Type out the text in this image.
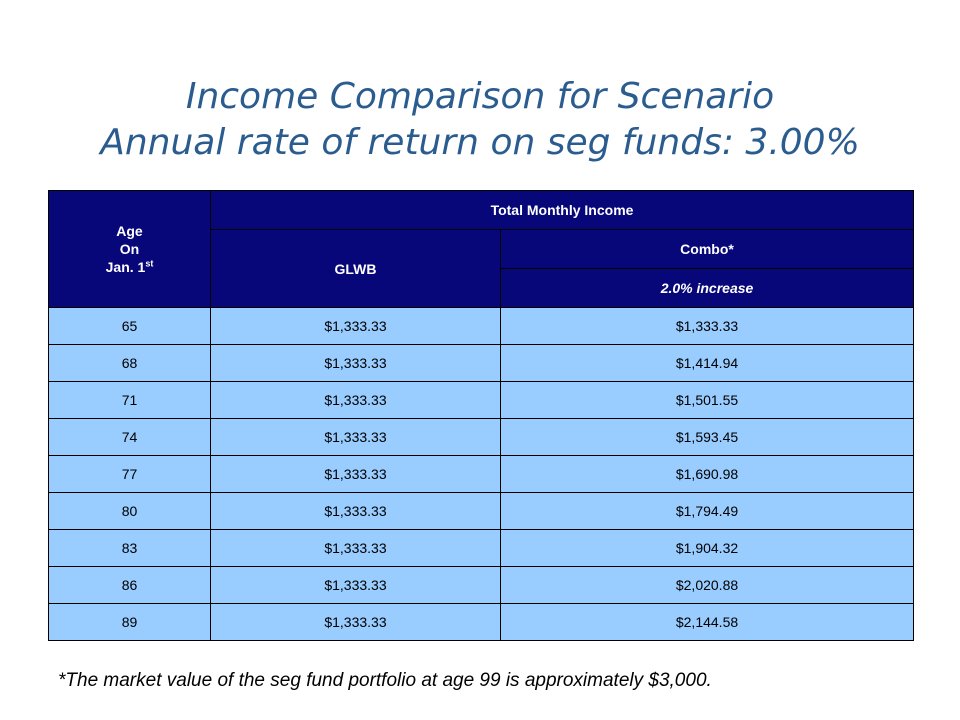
Income Comparison for Scenario
Annual rate of return on seg funds: 3.00%
Age
On
Jan. 1st	Total Monthly Income	
	GLWB	Combo*
		2.0% increase
65	$1,333.33	$1,333.33
68	$1,333.33	$1,414.94
71	$1,333.33	$1,501.55
74	$1,333.33	$1,593.45
77	$1,333.33	$1,690.98
80	$1,333.33	$1,794.49
83	$1,333.33	$1,904.32
86	$1,333.33	$2,020.88
89	$1,333.33	$2,144.58
*The market value of the seg fund portfolio at age 99 is approximately $3,000.
